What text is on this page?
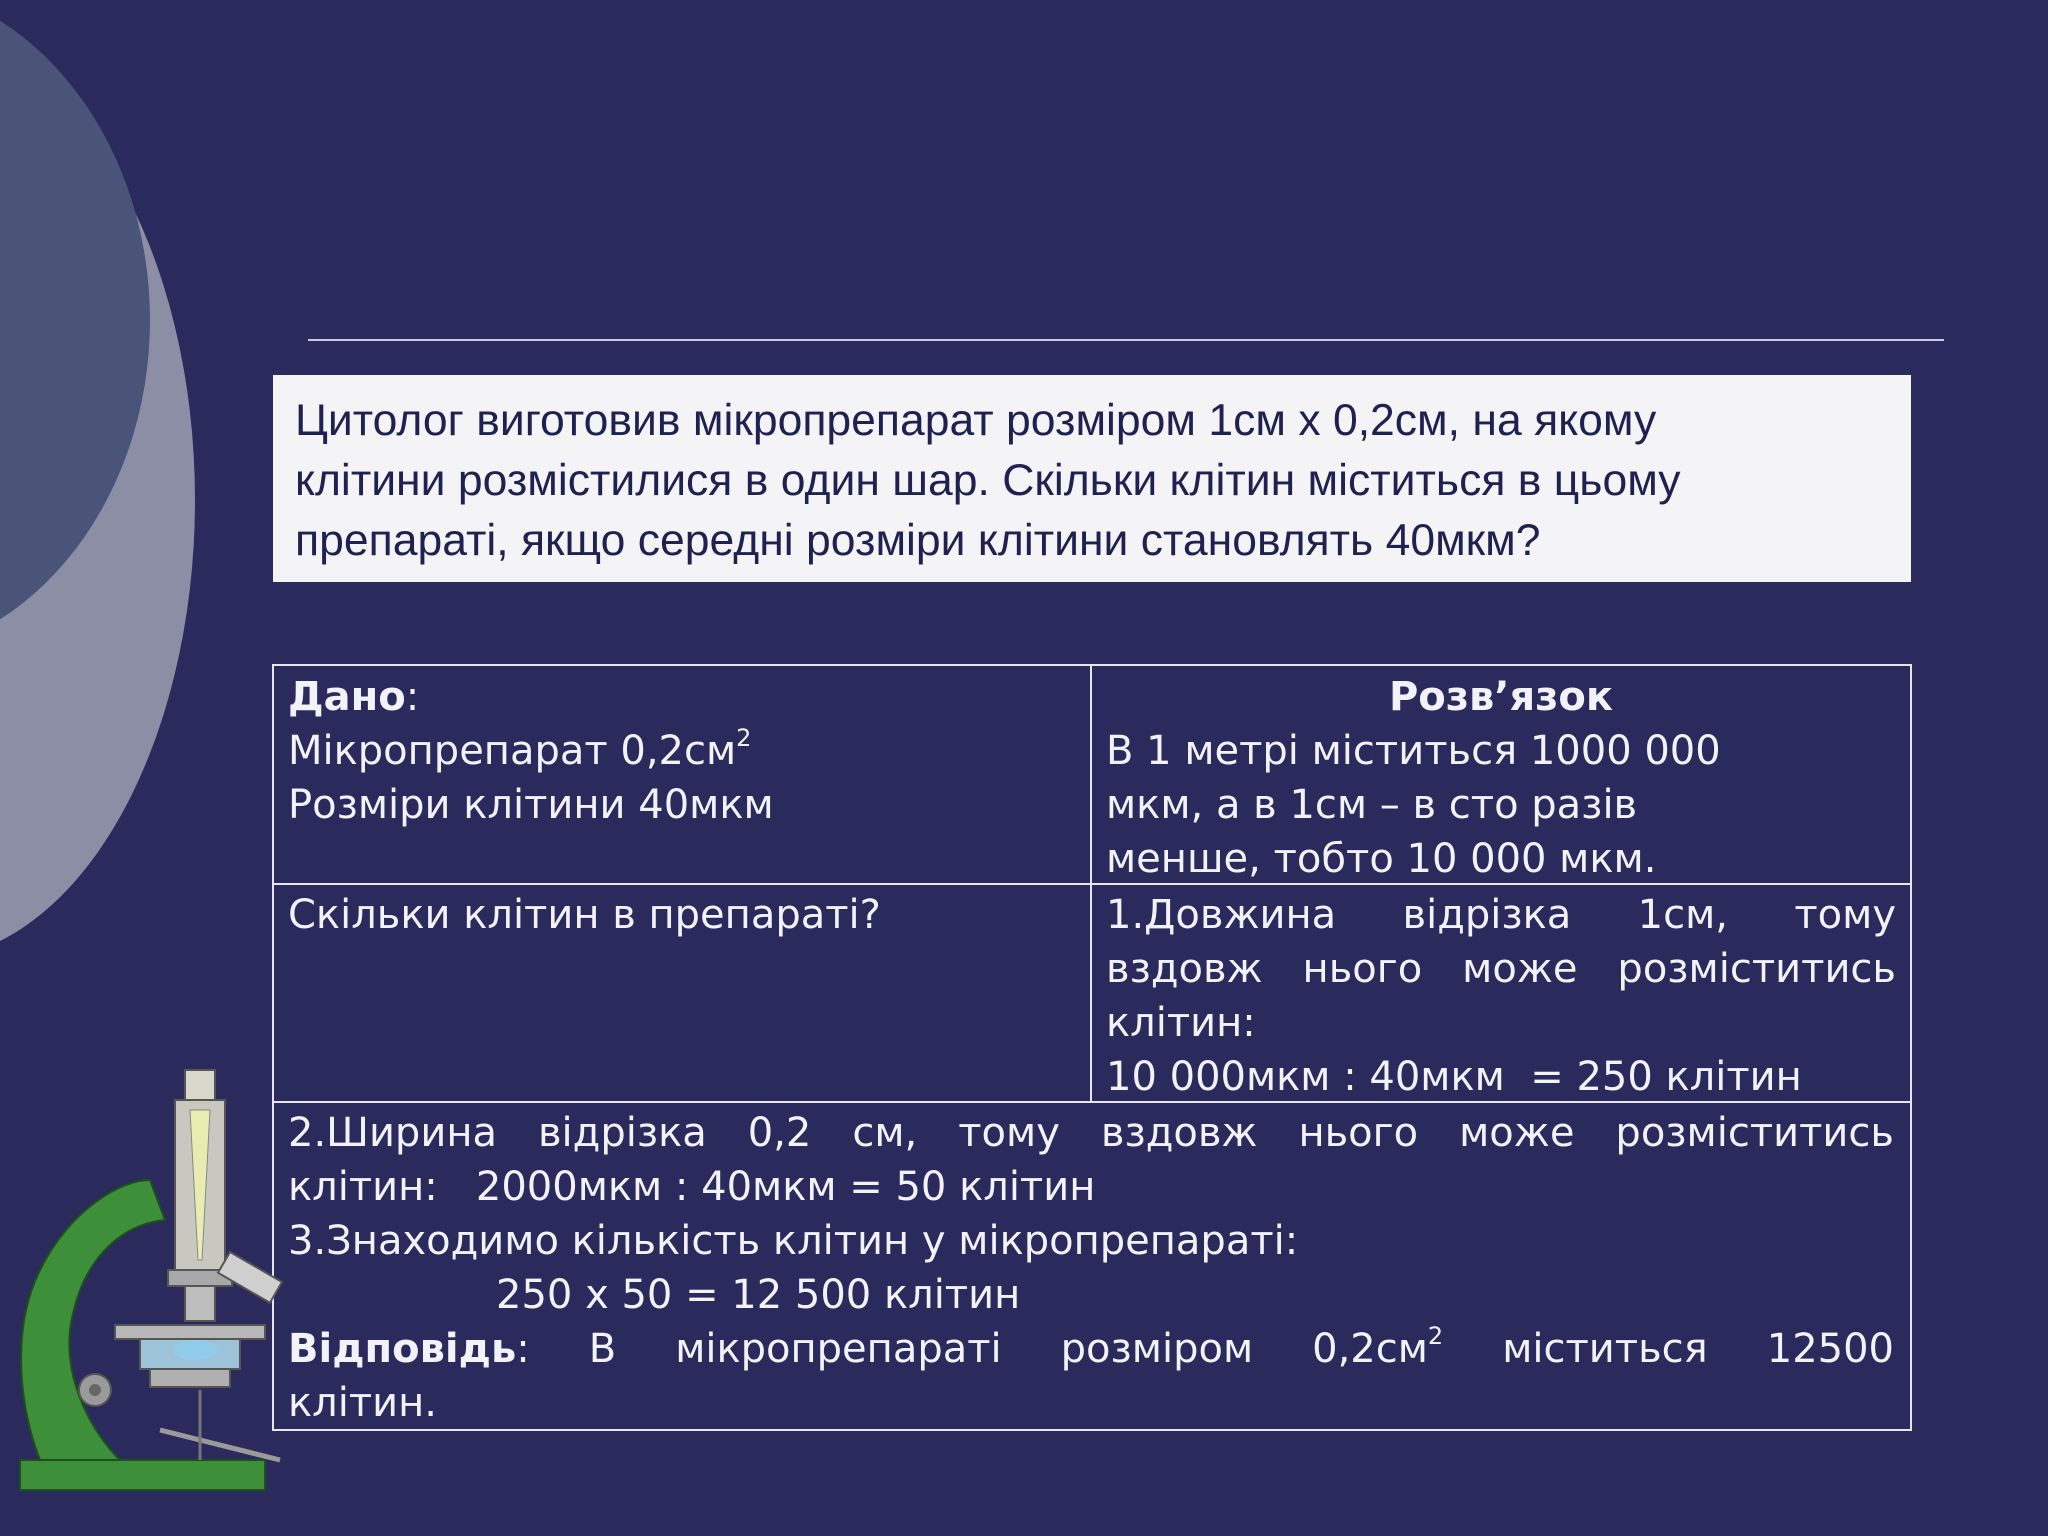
Цитолог виготовив мікропрепарат розміром 1см х 0,2см, на якому
клітини розмістилися в один шар. Скільки клітин міститься в цьому
препараті, якщо середні розміри клітини становлять 40мкм?

Дано:

Мікропрепарат $0,2см^2$

Розміри клітини 40мкм

Розв’язок

В 1 метрі міститься 1000 000

мкм, а в 1см – в сто разів

менше, тобто 10 000 мкм.

Скільки клітин в препараті?	1.Довжина відрізка 1см, тому

вздовж нього може розміститись

клітин:

10 000мкм : 40мкм  = 250 клітин

2.Ширина відрізка 0,2 см, тому вздовж нього може розміститись

клітин:   2000мкм : 40мкм = 50 клітин

3.Знаходимо кількість клітин у мікропрепараті:

250 х 50 = 12 500 клітин

Відповідь:  В  мікропрепараті  розміром  $0,2см^2$  міститься  12500

клітин.
